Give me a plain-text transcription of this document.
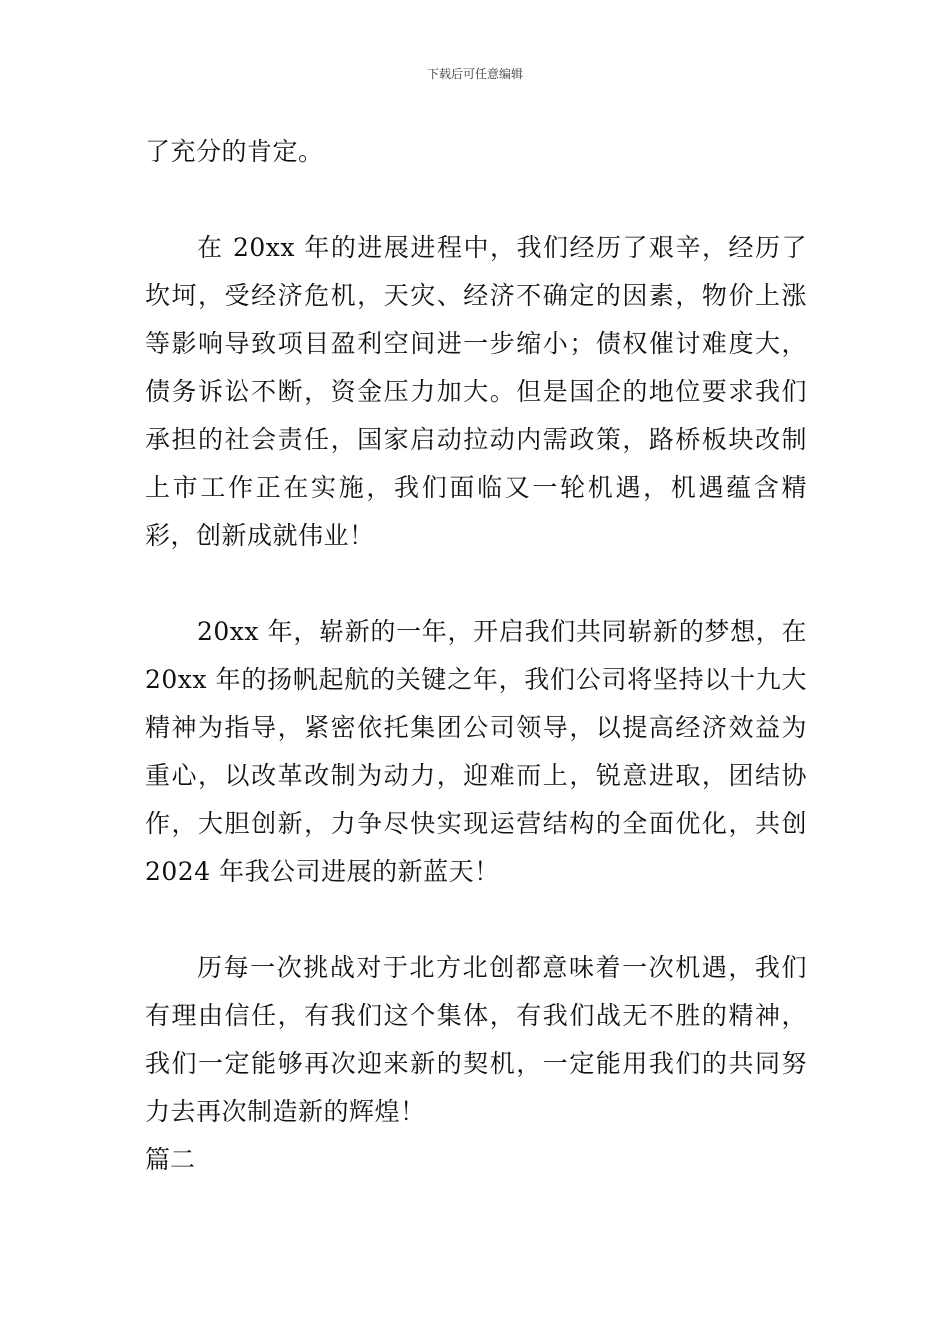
下载后可任意编辑

了充分的肯定。

在 20xx 年的进展进程中，我们经历了艰辛，经历了坎坷，受经济危机，天灾、经济不确定的因素，物价上涨等影响导致项目盈利空间进一步缩小；债权催讨难度大，债务诉讼不断，资金压力加大。但是国企的地位要求我们承担的社会责任，国家启动拉动内需政策，路桥板块改制上市工作正在实施，我们面临又一轮机遇，机遇蕴含精彩，创新成就伟业！

20xx 年，崭新的一年，开启我们共同崭新的梦想，在 20xx 年的扬帆起航的关键之年，我们公司将坚持以十九大精神为指导，紧密依托集团公司领导，以提高经济效益为重心，以改革改制为动力，迎难而上，锐意进取，团结协作，大胆创新，力争尽快实现运营结构的全面优化，共创 2024 年我公司进展的新蓝天！

历每一次挑战对于北方北创都意味着一次机遇，我们有理由信任，有我们这个集体，有我们战无不胜的精神，我们一定能够再次迎来新的契机，一定能用我们的共同努力去再次制造新的辉煌！

篇二
